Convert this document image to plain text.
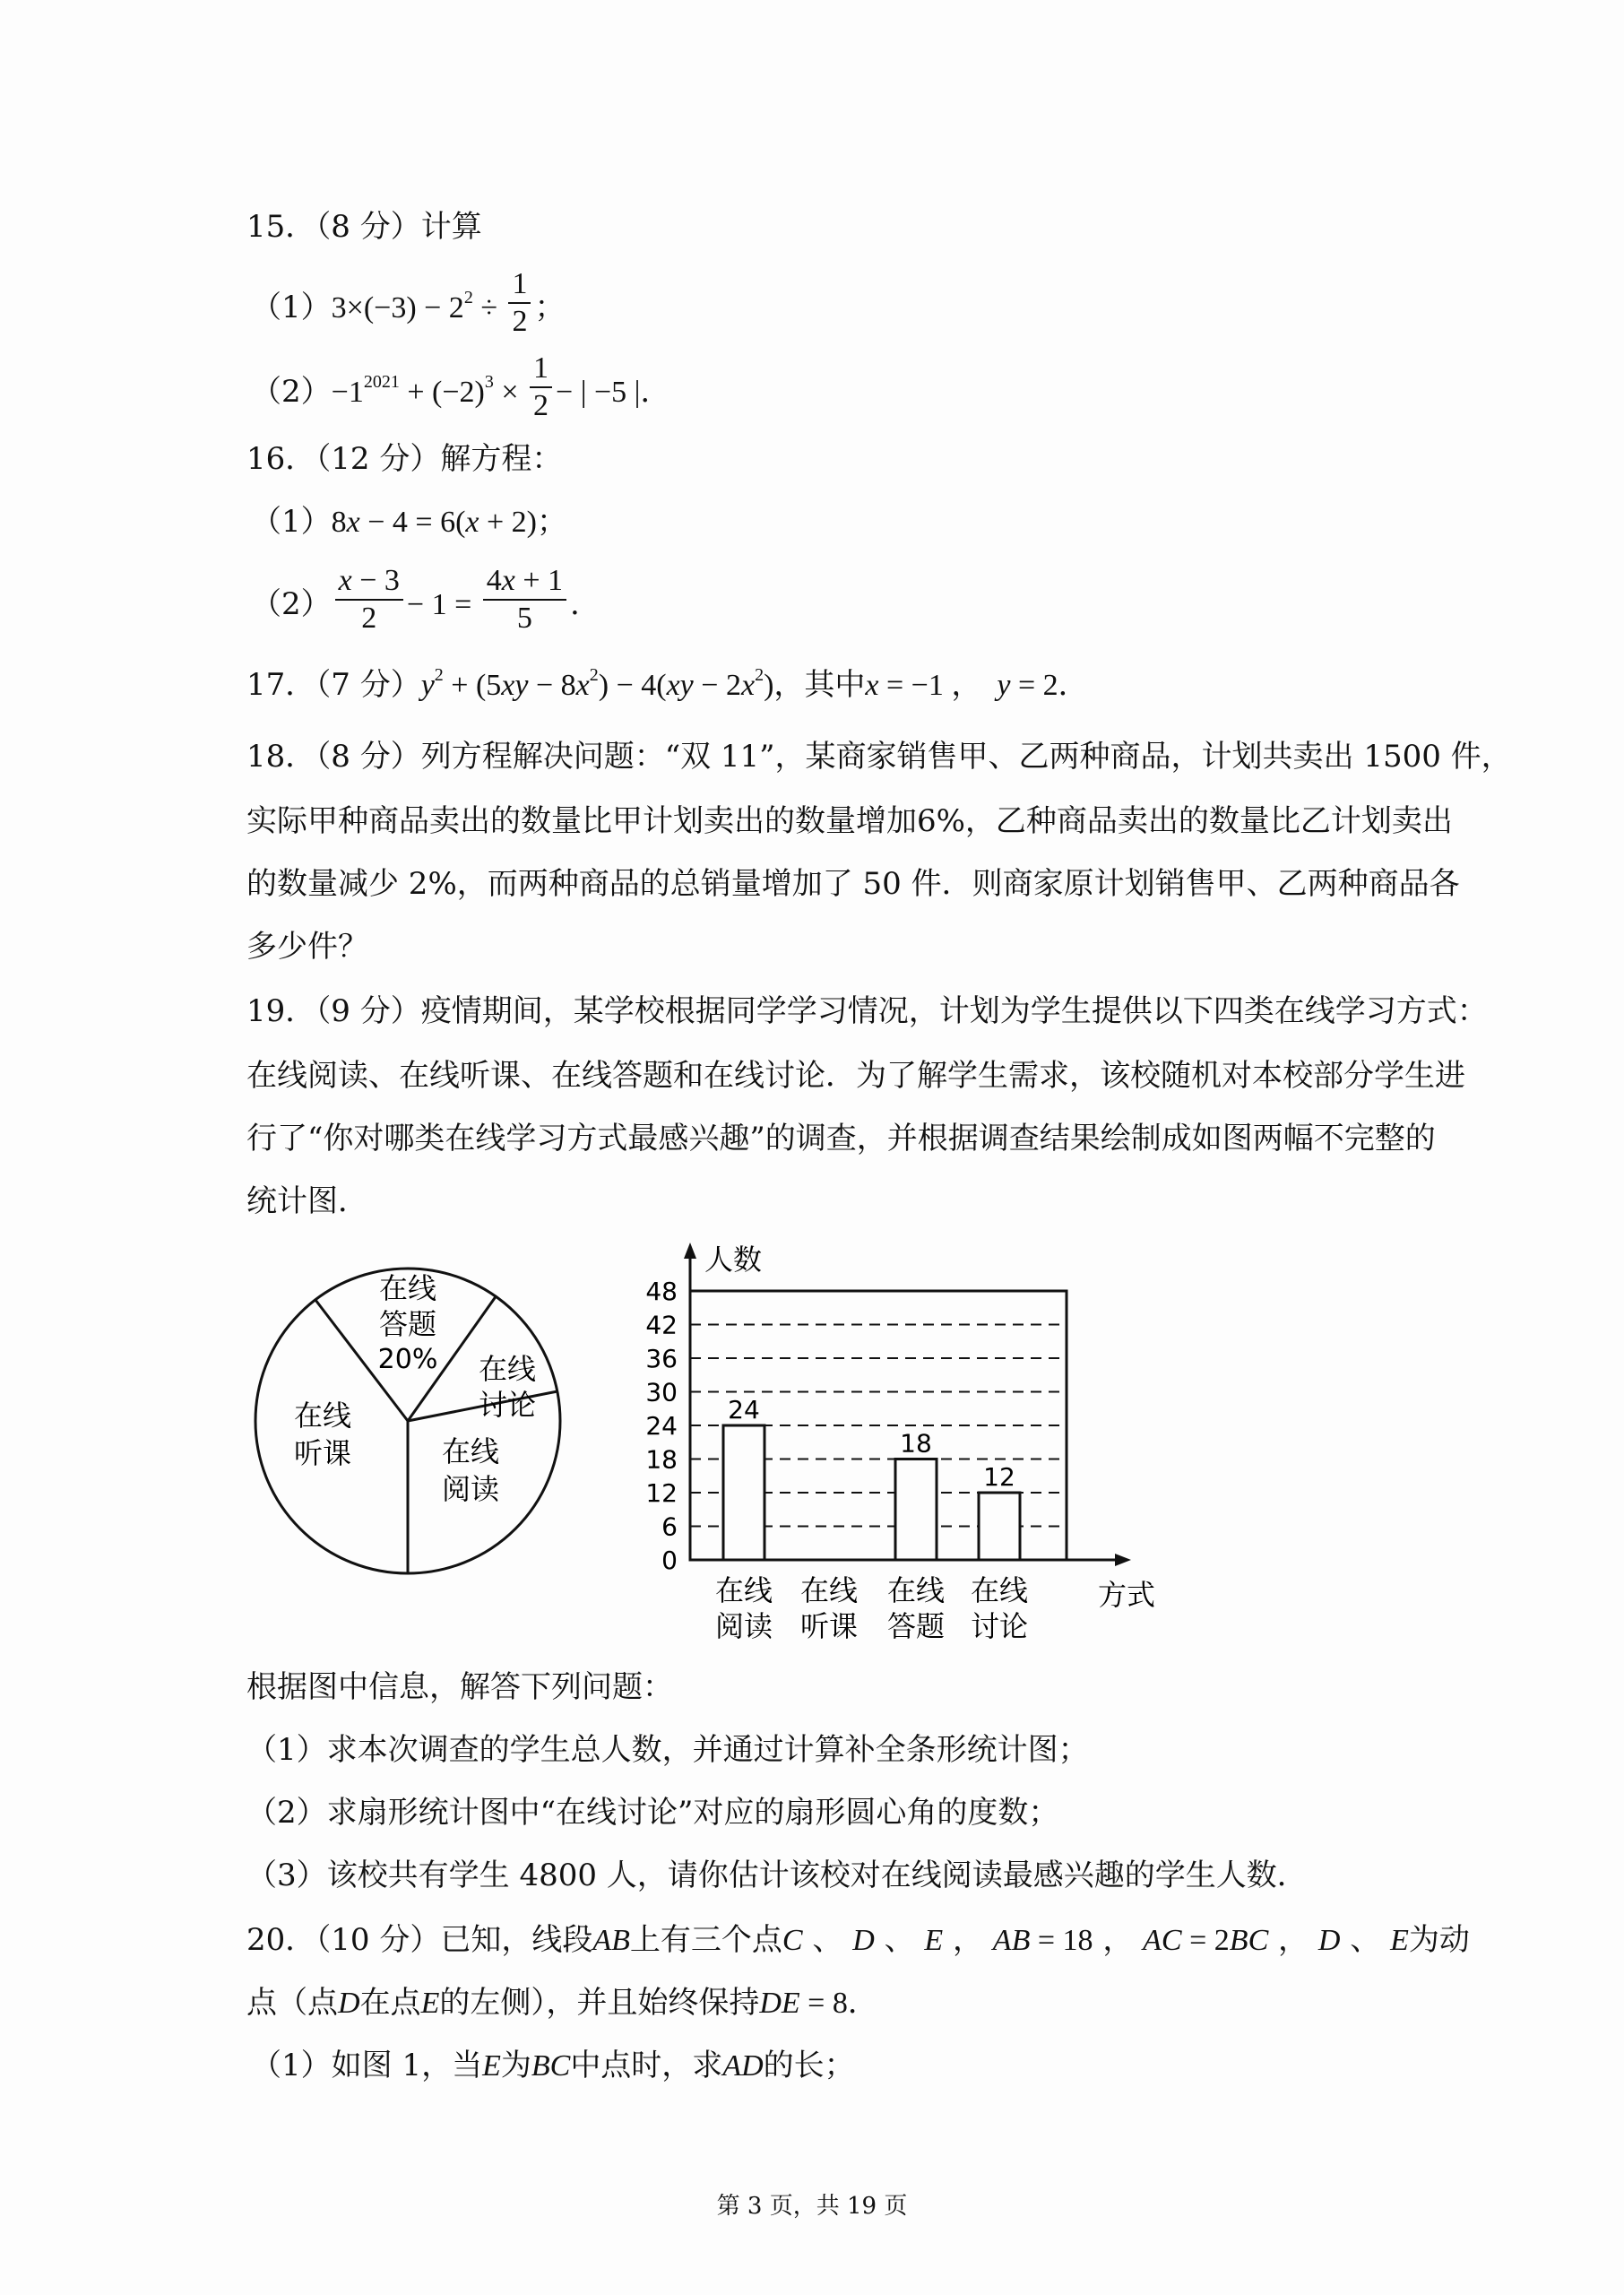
15．（8 分）计算
$(1)3\times(-3) - 2^2 \div \frac{1}{2}$ ；
$(2)-1^{2021} + (-2)^3 \times \frac{1}{2}$ − | −5 |．
16．（12 分）解方程：
（1）8x − 4 = 6(x + 2)；
$(2) \frac{x - 3}{2} - 1 = \frac{4x + 1}{5}$ ．
17．（7 分）$y^2 + (5xy - 8x^2) - 4(xy - 2x^2)$，其中x = −1 ，  y = 2．
18．（8 分）列方程解决问题：“双 11”，某商家销售甲、乙两种商品，计划共卖出 1500 件，
实际甲种商品卖出的数量比甲计划卖出的数量增加6%，乙种商品卖出的数量比乙计划卖出
的数量减少 2%，而两种商品的总销量增加了 50 件．则商家原计划销售甲、乙两种商品各
多少件？
19．（9 分）疫情期间，某学校根据同学学习情况，计划为学生提供以下四类在线学习方式：
在线阅读、在线听课、在线答题和在线讨论．为了解学生需求，该校随机对本校部分学生进
行了“你对哪类在线学习方式最感兴趣”的调查，并根据调查结果绘制成如图两幅不完整的
统计图．
在线
答题
20% 在线
讨论
在线
听课	在线
阅读
0
6
12
18
24
30
36
42
48
24
18
12
在线
阅读
在线
听课
在线
答题
在线
讨论
人数
方式
根据图中信息，解答下列问题：
（1）求本次调查的学生总人数，并通过计算补全条形统计图；
（2）求扇形统计图中“在线讨论”对应的扇形圆心角的度数；
（3）该校共有学生 4800 人，请你估计该校对在线阅读最感兴趣的学生人数．
20．（10 分）已知，线段AB上有三个点C 、 D 、 E ， AB = 18 ， AC = 2BC ， D 、 E为动
点（点D在点E的左侧），并且始终保持DE = 8．
（1）如图 1，当E为BC中点时，求AD的长；
第 3 页，共 19 页
